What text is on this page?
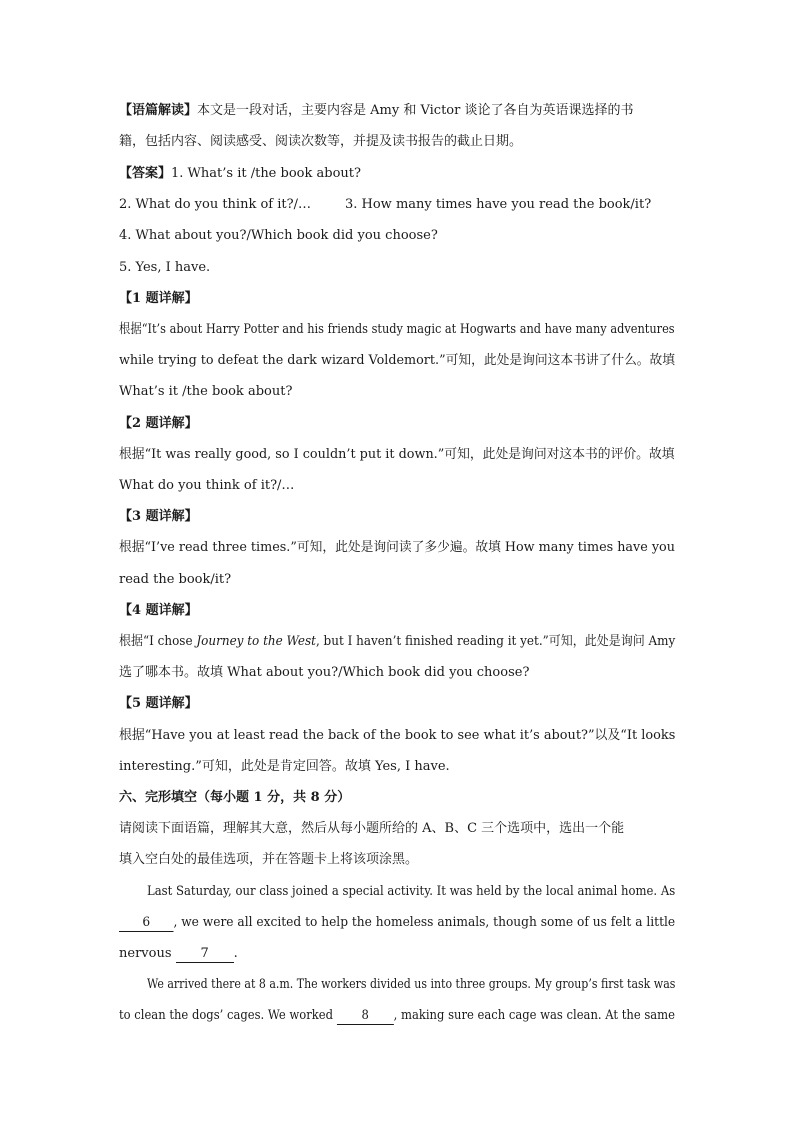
【语篇解读】本文是一段对话，主要内容是 Amy 和 Victor 谈论了各自为英语课选择的书
籍，包括内容、阅读感受、阅读次数等，并提及读书报告的截止日期。
【答案】1. What’s it /the book about?
2. What do you think of it?/…	3. How many times have you read the book/it?
4. What about you?/Which book did you choose?
5. Yes, I have.
【1 题详解】
根据“It’s about Harry Potter and his friends study magic at Hogwarts and have many adventures
while trying to defeat the dark wizard Voldemort.”可知，此处是询问这本书讲了什么。故填
What’s it /the book about?
【2 题详解】
根据“It was really good, so I couldn’t put it down.”可知，此处是询问对这本书的评价。故填
What do you think of it?/…
【3 题详解】
根据“I’ve read three times.”可知，此处是询问读了多少遍。故填 How many times have you
read the book/it?
【4 题详解】
根据“I chose Journey to the West, but I haven’t finished reading it yet.”可知，此处是询问 Amy
选了哪本书。故填 What about you?/Which book did you choose?
【5 题详解】
根据“Have you at least read the back of the book to see what it’s about?”以及“It looks
interesting.”可知，此处是肯定回答。故填 Yes, I have.
六、完形填空（每小题 1 分，共 8 分）
请阅读下面语篇，理解其大意，然后从每小题所给的 A、B、C 三个选项中，选出一个能
填入空白处的最佳选项，并在答题卡上将该项涂黑。
Last Saturday, our class joined a special activity. It was held by the local animal home. As
6 , we were all excited to help the homeless animals, though some of us felt a little
nervous 7 .
We arrived there at 8 a.m. The workers divided us into three groups. My group’s first task was
to clean the dogs’ cages. We worked 8 , making sure each cage was clean. At the same
